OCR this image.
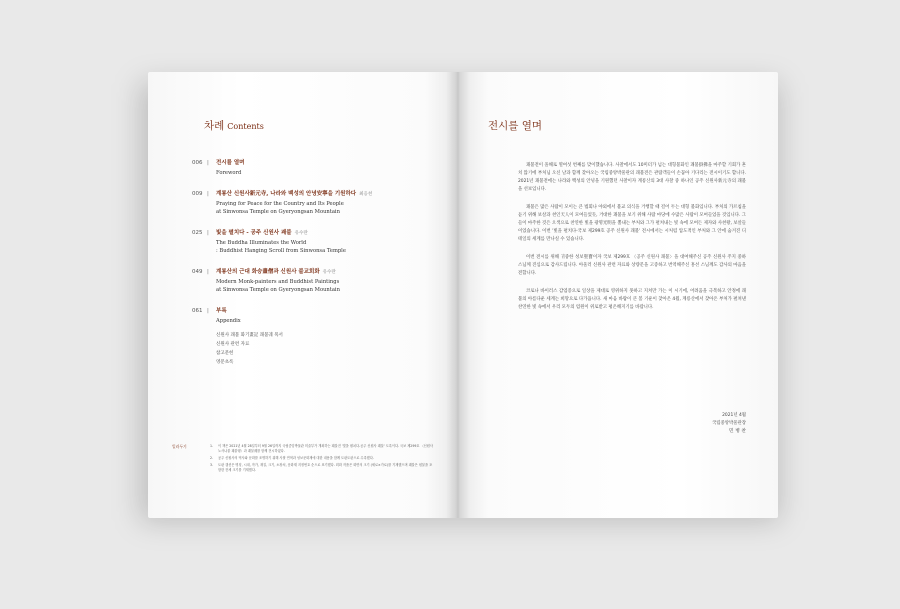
차례 Contents
006 | 전시를 열며
Foreword
009 | 계룡산 신원사新元寺, 나라와 백성의 안녕安寧을 기원하다 최응천
Praying for Peace for the Country and Its People
at Sinwonsa Temple on Gyeryongsan Mountain
025 | 빛을 펼치다 - 공주 신원사 괘불 유수란
The Buddha Illuminates the World
: Buddhist Hanging Scroll from Sinwonsa Temple
049 | 계룡산의 근대 화승畫僧과 신원사 불교회화 유수란
Modern Monk-painters and Buddhist Paintings
at Sinwonsa Temple on Gyeryongsan Mountain
061 | 부록
Appendix
신원사 괘불 화기畫記 괘불궤 묵서
신원사 관련 자료
참고문헌
영문초록
일러두기	1. 이 책은 2021년 4월 28일부터 9월 26일까지 국립중앙박물관 미술부가 개최하는 괘불전 '빛을 펼치다-공주 신원사 괘불' 도록이다. 국보 제299호 〈신원사 노사나불 괘불탱〉과 괘불궤를 함께 전시하였다.
2. 공주 신원사의 역사와 문화를 조명하기 위해 사찰 연혁과 성보문화재에 대한 내용을 함께 도판도판으로 수록했다.
3. 도판 캡션은 명칭, 시대, 작가, 재질, 크기, 소장처, 문화재 지정번호 순으로 표기했다. 회화 작품은 화면의 크기 (세로×가로)를 기재했으며 괘불은 원불을 포함한 전체 크기를 기재했다.
전시를 열며

괘불전이 올해로 열여섯 번째를 맞이했습니다. 사찰에서도 10미터가 넘는 대형불화인 괘불掛佛을 마주할 기회가 흔치 않기에 부처님 오신 날과 함께 찾아오는 국립중앙박물관의 괘불전은 관람객들이 손꼽아 기다리는 전시이기도 합니다. 2021년 괘불전에는 나라와 백성의 안녕을 기원했던 사찰이자 계룡산의 3대 사찰 중 하나인 공주 신원사新元寺의 괘불을 선보입니다.

괘불은 많은 사람이 모이는 큰 법회나 야외에서 불교 의식을 거행할 때 걸어 두는 대형 불화입니다. 부처의 가르침을 듣기 위해 보살과 천인天人이 모여들었듯, 거대한 괘불을 보기 위해 사람 마당에 수많은 사람이 모여들었을 것입니다. 그들이 마주한 것은 오색으로 찬연한 빛을 광명光明을 뿜내는 부처와 그가 펼쳐내는 빛 속에 모여든 제자와 사천왕, 보살들이었습니다. 이번 '빛을 펼치다-국보 제299호 공주 신원사 괘불' 전시에서는 시처럼 압도적인 부처와 그 안에 숨겨진 디테일의 세계를 만나실 수 있습니다.

이번 전시를 위해 귀중한 성보聖寶이자 국보 제299호 〈공주 신원사 괘불〉을 대여해주신 공주 신원사 주지 중하 스님께 진심으로 감사드립니다. 아울러 신원사 관련 자료와 상량문을 고증하고 번역해주신 홍선 스님께도 감사의 마음을 전합니다.

코로나 바이러스 감염증으로 일상을 제대로 영위하지 못하고 지쳐만 가는 이 시기에, 어려움을 극복하고 안정에 괘불의 아름다운 세계는 희망으로 다가옵니다. 새 마음 바람이 큰 봄 기운이 찾아온 4월, 계룡산에서 찾아온 부처가 펼쳐낸 찬연한 빛 속에서 우리 모두의 염원이 위로받고 평온해지기를 바랍니다.

2021년 4월
국립중앙박물관장
민 병 찬
